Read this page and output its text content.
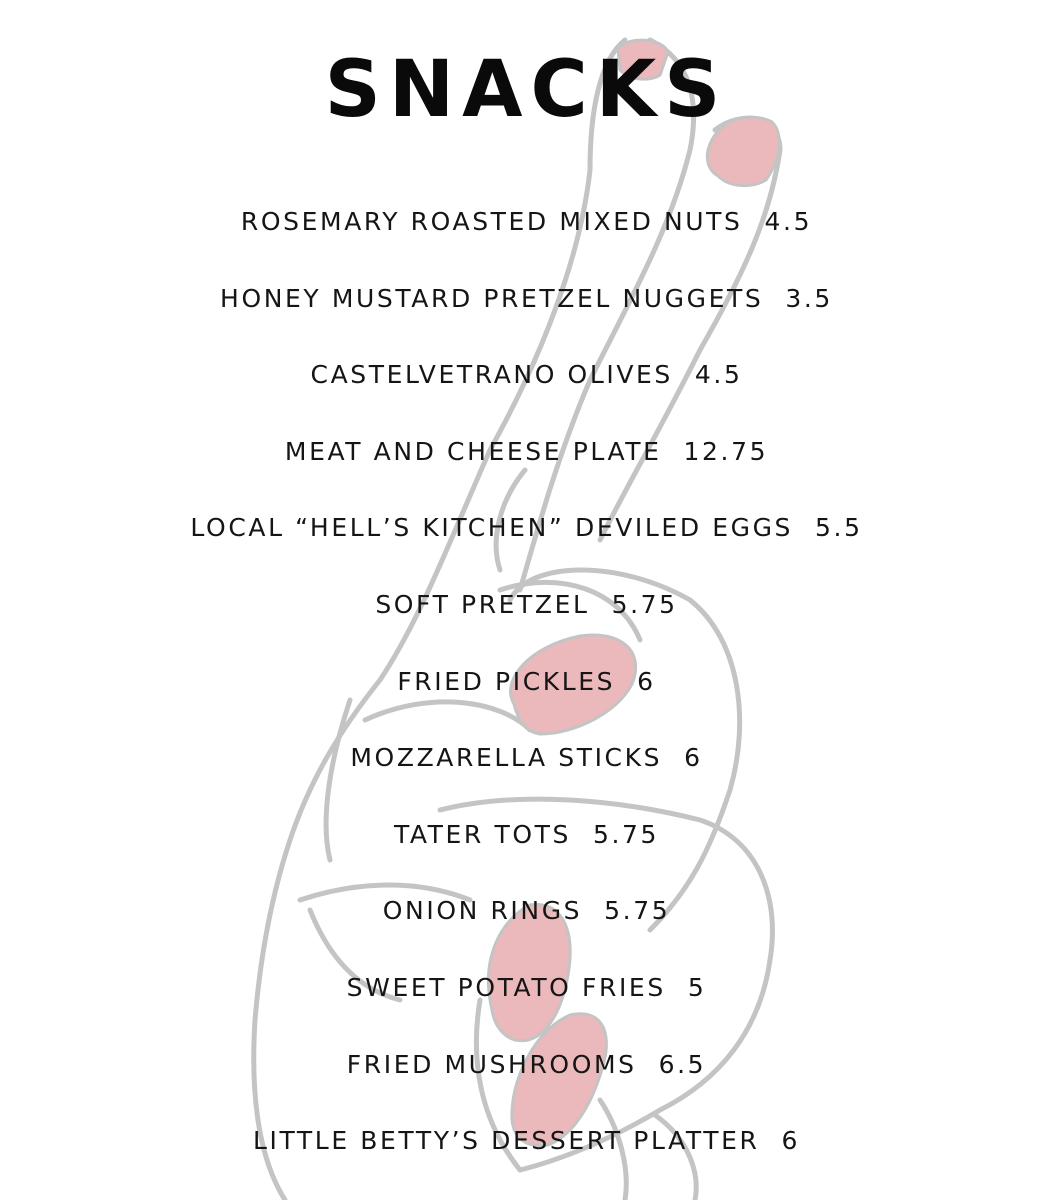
SNACKS
ROSEMARY ROASTED MIXED NUTS 4.5
HONEY MUSTARD PRETZEL NUGGETS 3.5
CASTELVETRANO OLIVES 4.5
MEAT AND CHEESE PLATE 12.75
LOCAL “HELL’S KITCHEN” DEVILED EGGS 5.5
SOFT PRETZEL 5.75
FRIED PICKLES 6
MOZZARELLA STICKS 6
TATER TOTS 5.75
ONION RINGS 5.75
SWEET POTATO FRIES 5
FRIED MUSHROOMS 6.5
LITTLE BETTY’S DESSERT PLATTER 6
